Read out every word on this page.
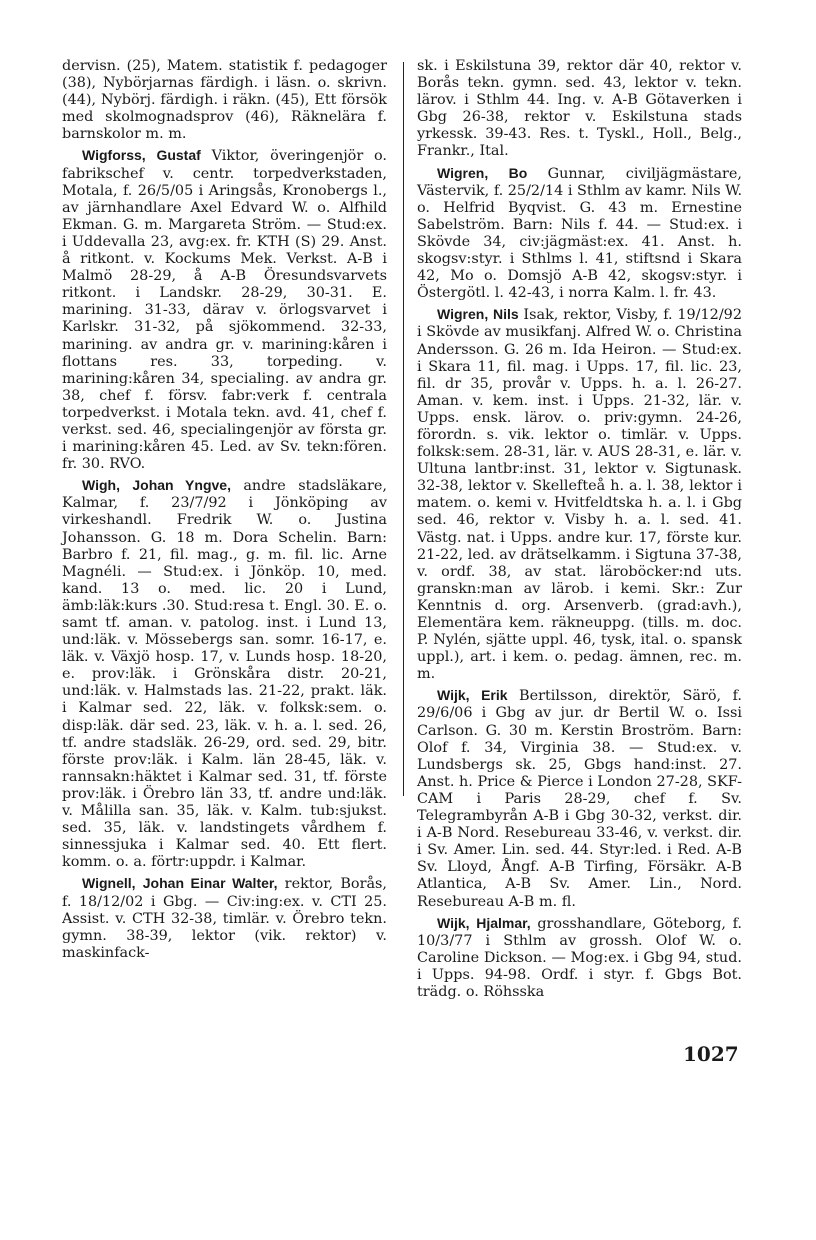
dervisn. (25), Matem. statistik f. pedagoger (38), Nybörjarnas färdigh. i läsn. o. skrivn. (44), Nybörj. färdigh. i räkn. (45), Ett försök med skolmognadsprov (46), Räknelära f. barnskolor m. m.

Wigforss, Gustaf Viktor, överingenjör o. fabrikschef v. centr. torpedverkstaden, Motala, f. 26/5/05 i Aringsås, Kronobergs l., av järnhandlare Axel Edvard W. o. Alfhild Ekman. G. m. Margareta Ström. — Stud:ex. i Uddevalla 23, avg:ex. fr. KTH (S) 29. Anst. å ritkont. v. Kockums Mek. Verkst. A-B i Malmö 28-29, å A-B Öresundsvarvets ritkont. i Landskr. 28-29, 30-31. E. marining. 31-33, därav v. örlogsvarvet i Karlskr. 31-32, på sjökommend. 32-33, marining. av andra gr. v. marining:kåren i flottans res. 33, torpeding. v. marining:kåren 34, specialing. av andra gr. 38, chef f. försv. fabr:verk f. centrala torpedverkst. i Motala tekn. avd. 41, chef f. verkst. sed. 46, specialingenjör av första gr. i marining:kåren 45. Led. av Sv. tekn:fören. fr. 30. RVO.

Wigh, Johan Yngve, andre stadsläkare, Kalmar, f. 23/7/92 i Jönköping av virkeshandl. Fredrik W. o. Justina Johansson. G. 18 m. Dora Schelin. Barn: Barbro f. 21, fil. mag., g. m. fil. lic. Arne Magnéli. — Stud:ex. i Jönköp. 10, med. kand. 13 o. med. lic. 20 i Lund, ämb:läk:kurs .30. Stud:resa t. Engl. 30. E. o. samt tf. aman. v. patolog. inst. i Lund 13, und:läk. v. Mössebergs san. somr. 16-17, e. läk. v. Växjö hosp. 17, v. Lunds hosp. 18-20, e. prov:läk. i Grönskåra distr. 20-21, und:läk. v. Halmstads las. 21-22, prakt. läk. i Kalmar sed. 22, läk. v. folksk:sem. o. disp:läk. där sed. 23, läk. v. h. a. l. sed. 26, tf. andre stadsläk. 26-29, ord. sed. 29, bitr. förste prov:läk. i Kalm. län 28-45, läk. v. rannsakn:häktet i Kalmar sed. 31, tf. förste prov:läk. i Örebro län 33, tf. andre und:läk. v. Målilla san. 35, läk. v. Kalm. tub:sjukst. sed. 35, läk. v. landstingets vårdhem f. sinnessjuka i Kalmar sed. 40. Ett flert. komm. o. a. förtr:uppdr. i Kalmar.

Wignell, Johan Einar Walter, rektor, Borås, f. 18/12/02 i Gbg. — Civ:ing:ex. v. CTI 25. Assist. v. CTH 32-38, timlär. v. Örebro tekn. gymn. 38-39, lektor (vik. rektor) v. maskinfack-

sk. i Eskilstuna 39, rektor där 40, rektor v. Borås tekn. gymn. sed. 43, lektor v. tekn. lärov. i Sthlm 44. Ing. v. A-B Götaverken i Gbg 26-38, rektor v. Eskilstuna stads yrkessk. 39-43. Res. t. Tyskl., Holl., Belg., Frankr., Ital.

Wigren, Bo Gunnar, civiljägmästare, Västervik, f. 25/2/14 i Sthlm av kamr. Nils W. o. Helfrid Byqvist. G. 43 m. Ernestine Sabelström. Barn: Nils f. 44. — Stud:ex. i Skövde 34, civ:jägmäst:ex. 41. Anst. h. skogsv:styr. i Sthlms l. 41, stiftsnd i Skara 42, Mo o. Domsjö A-B 42, skogsv:styr. i Östergötl. l. 42-43, i norra Kalm. l. fr. 43.

Wigren, Nils Isak, rektor, Visby, f. 19/12/92 i Skövde av musikfanj. Alfred W. o. Christina Andersson. G. 26 m. Ida Heiron. — Stud:ex. i Skara 11, fil. mag. i Upps. 17, fil. lic. 23, fil. dr 35, provår v. Upps. h. a. l. 26-27. Aman. v. kem. inst. i Upps. 21-32, lär. v. Upps. ensk. lärov. o. priv:gymn. 24-26, förordn. s. vik. lektor o. timlär. v. Upps. folksk:sem. 28-31, lär. v. AUS 28-31, e. lär. v. Ultuna lantbr:inst. 31, lektor v. Sigtunask. 32-38, lektor v. Skellefteå h. a. l. 38, lektor i matem. o. kemi v. Hvitfeldtska h. a. l. i Gbg sed. 46, rektor v. Visby h. a. l. sed. 41. Västg. nat. i Upps. andre kur. 17, förste kur. 21-22, led. av drätselkamm. i Sigtuna 37-38, v. ordf. 38, av stat. läroböcker:nd uts. granskn:man av lärob. i kemi. Skr.: Zur Kenntnis d. org. Arsenverb. (grad:avh.), Elementära kem. räkneuppg. (tills. m. doc. P. Nylén, sjätte uppl. 46, tysk, ital. o. spansk uppl.), art. i kem. o. pedag. ämnen, rec. m. m.

Wijk, Erik Bertilsson, direktör, Särö, f. 29/6/06 i Gbg av jur. dr Bertil W. o. Issi Carlson. G. 30 m. Kerstin Broström. Barn: Olof f. 34, Virginia 38. — Stud:ex. v. Lundsbergs sk. 25, Gbgs hand:inst. 27. Anst. h. Price & Pierce i London 27-28, SKF-CAM i Paris 28-29, chef f. Sv. Telegrambyrån A-B i Gbg 30-32, verkst. dir. i A-B Nord. Resebureau 33-46, v. verkst. dir. i Sv. Amer. Lin. sed. 44. Styr:led. i Red. A-B Sv. Lloyd, Ångf. A-B Tirfing, Försäkr. A-B Atlantica, A-B Sv. Amer. Lin., Nord. Resebureau A-B m. fl.

Wijk, Hjalmar, grosshandlare, Göteborg, f. 10/3/77 i Sthlm av grossh. Olof W. o. Caroline Dickson. — Mog:ex. i Gbg 94, stud. i Upps. 94-98. Ordf. i styr. f. Gbgs Bot. trädg. o. Röhsska

1027
